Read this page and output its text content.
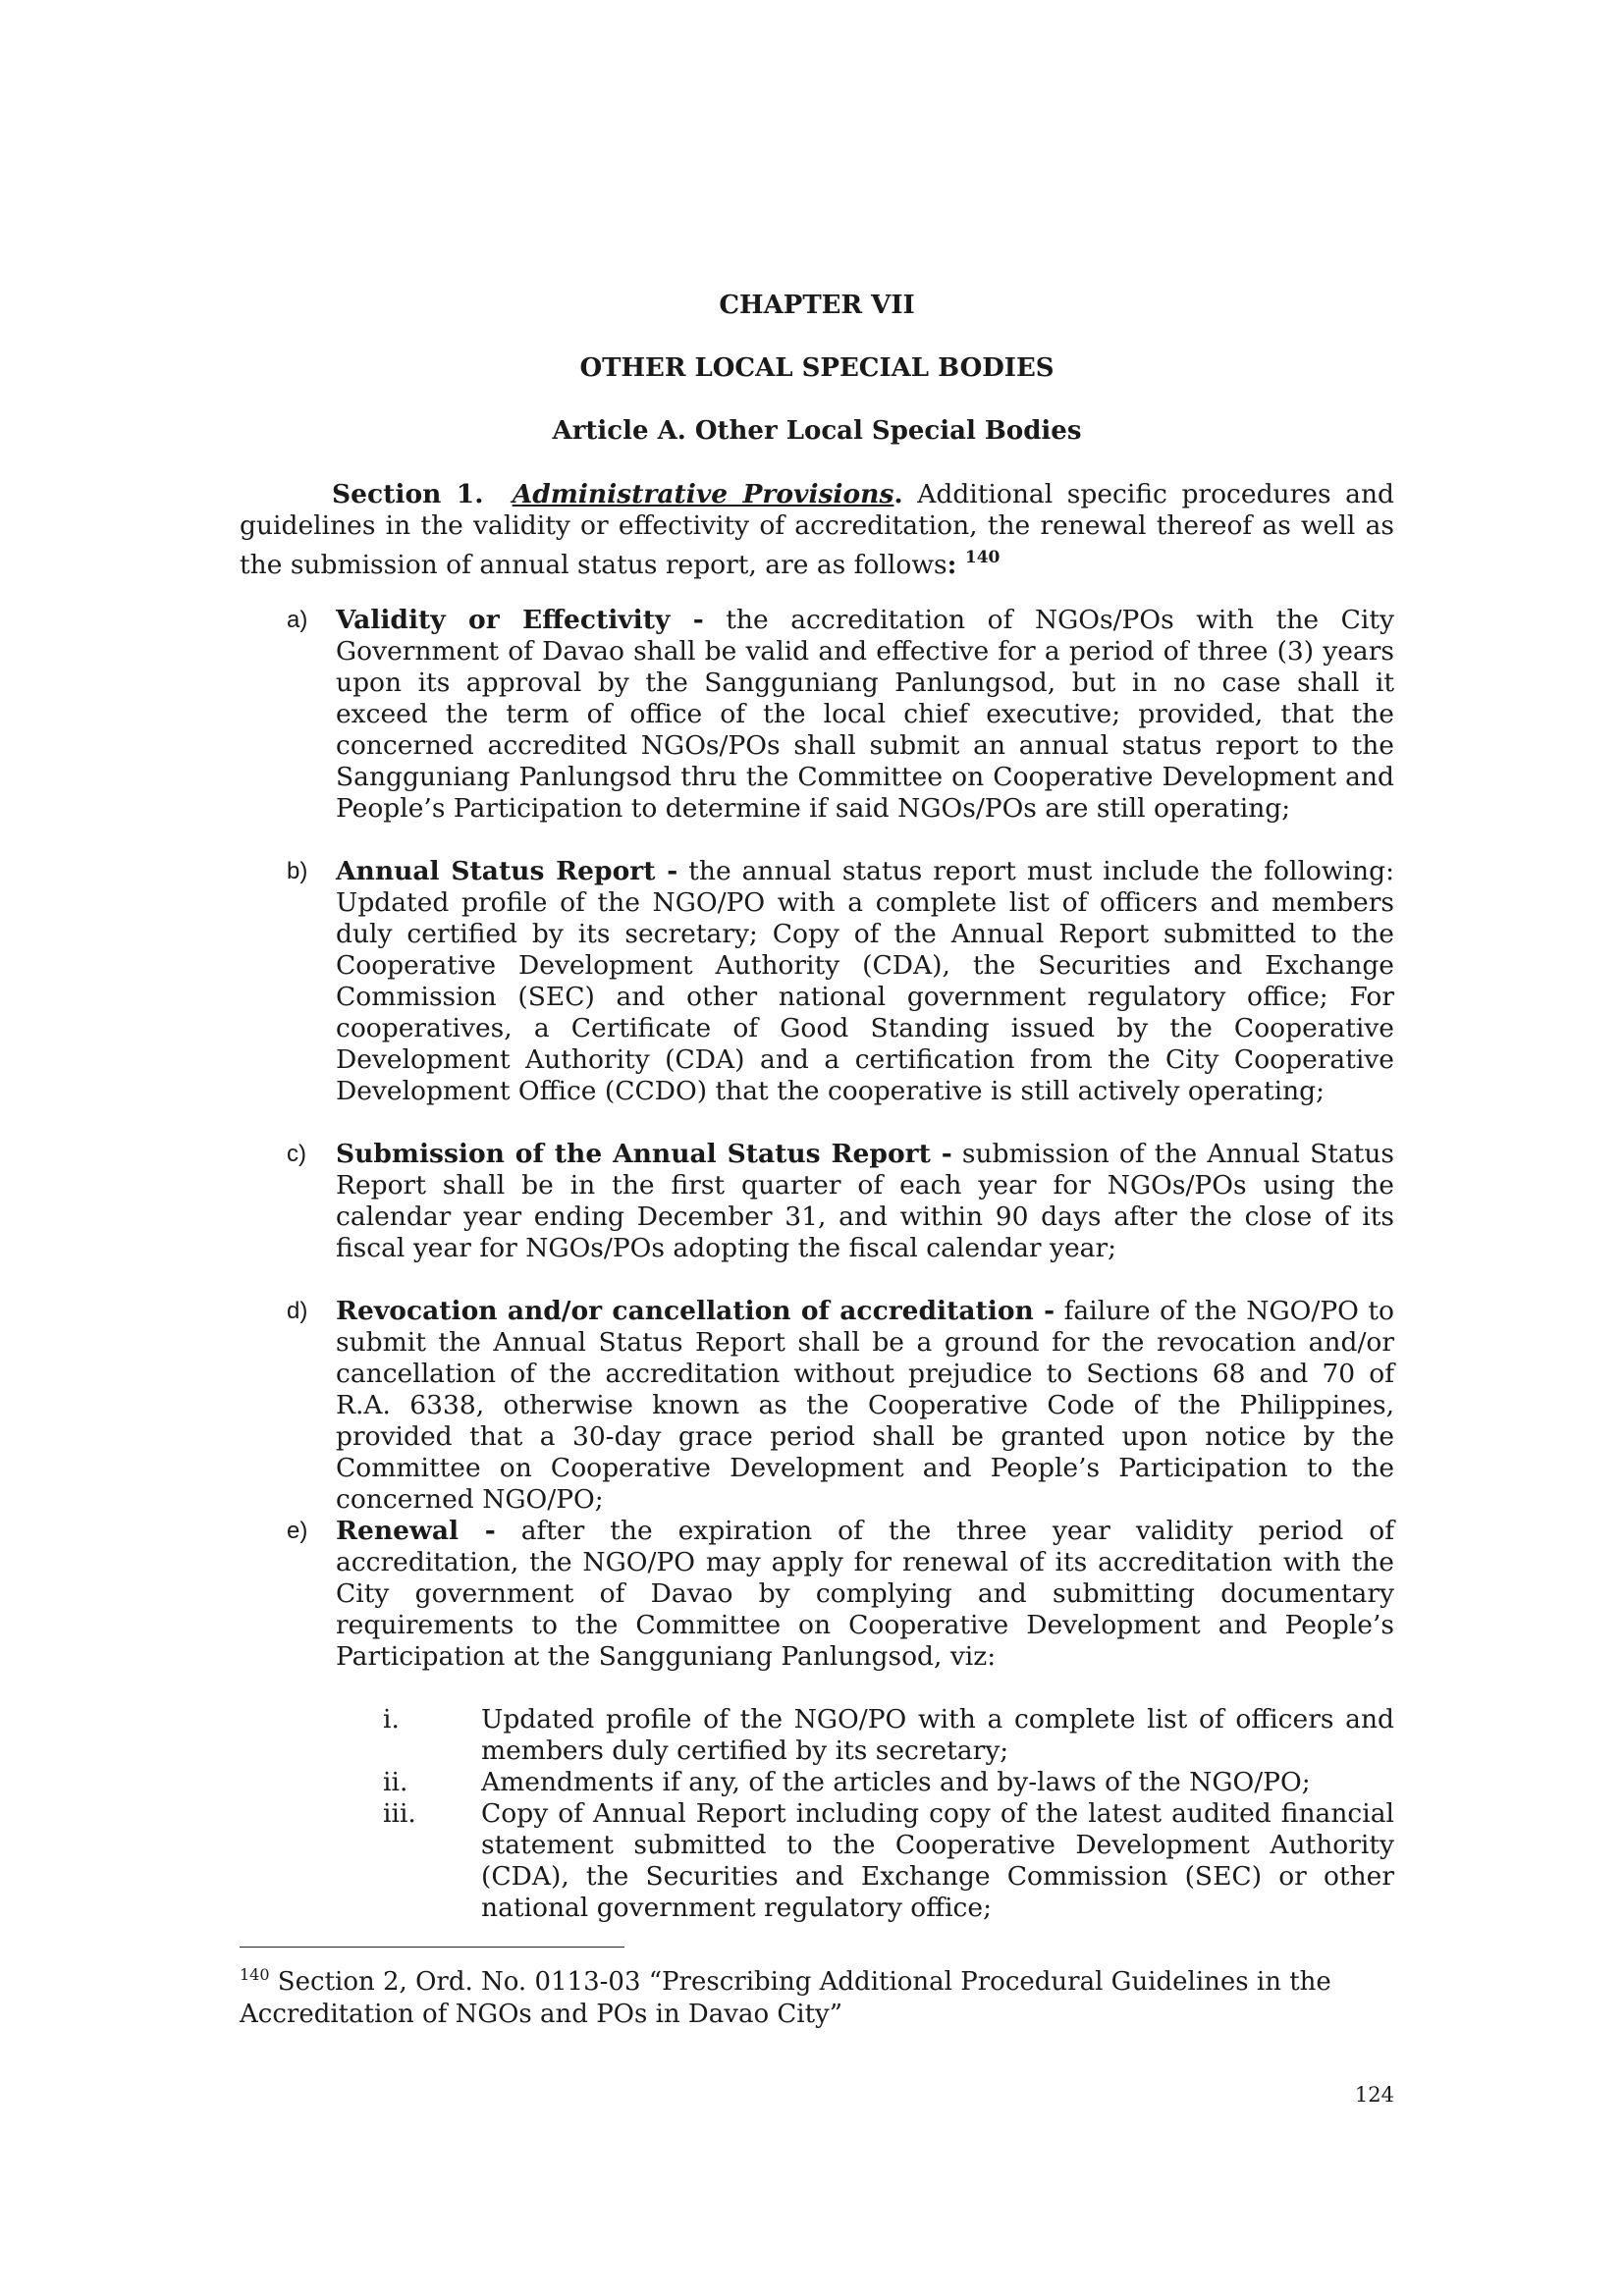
CHAPTER VII
OTHER LOCAL SPECIAL BODIES
Article A. Other Local Special Bodies
Section 1. Administrative Provisions. Additional specific procedures and guidelines in the validity or effectivity of accreditation, the renewal thereof as well as the submission of annual status report, are as follows: $^{140}$
a) Validity or Effectivity - the accreditation of NGOs/POs with the City Government of Davao shall be valid and effective for a period of three (3) years upon its approval by the Sangguniang Panlungsod, but in no case shall it exceed the term of office of the local chief executive; provided, that the concerned accredited NGOs/POs shall submit an annual status report to the Sangguniang Panlungsod thru the Committee on Cooperative Development and People’s Participation to determine if said NGOs/POs are still operating;
b) Annual Status Report - the annual status report must include the following: Updated profile of the NGO/PO with a complete list of officers and members duly certified by its secretary; Copy of the Annual Report submitted to the Cooperative Development Authority (CDA), the Securities and Exchange Commission (SEC) and other national government regulatory office; For cooperatives, a Certificate of Good Standing issued by the Cooperative Development Authority (CDA) and a certification from the City Cooperative Development Office (CCDO) that the cooperative is still actively operating;
c) Submission of the Annual Status Report - submission of the Annual Status Report shall be in the first quarter of each year for NGOs/POs using the calendar year ending December 31, and within 90 days after the close of its fiscal year for NGOs/POs adopting the fiscal calendar year;
d) Revocation and/or cancellation of accreditation - failure of the NGO/PO to submit the Annual Status Report shall be a ground for the revocation and/or cancellation of the accreditation without prejudice to Sections 68 and 70 of R.A. 6338, otherwise known as the Cooperative Code of the Philippines, provided that a 30-day grace period shall be granted upon notice by the Committee on Cooperative Development and People’s Participation to the concerned NGO/PO;
e) Renewal - after the expiration of the three year validity period of accreditation, the NGO/PO may apply for renewal of its accreditation with the City government of Davao by complying and submitting documentary requirements to the Committee on Cooperative Development and People’s Participation at the Sangguniang Panlungsod, viz:
i.	Updated profile of the NGO/PO with a complete list of officers and members duly certified by its secretary;
ii.	Amendments if any, of the articles and by-laws of the NGO/PO;
iii. Copy of Annual Report including copy of the latest audited financial statement submitted to the Cooperative Development Authority (CDA), the Securities and Exchange Commission (SEC) or other national government regulatory office;
$^{140}$ Section 2, Ord. No. 0113-03 “Prescribing Additional Procedural Guidelines in the Accreditation of NGOs and POs in Davao City”
124
